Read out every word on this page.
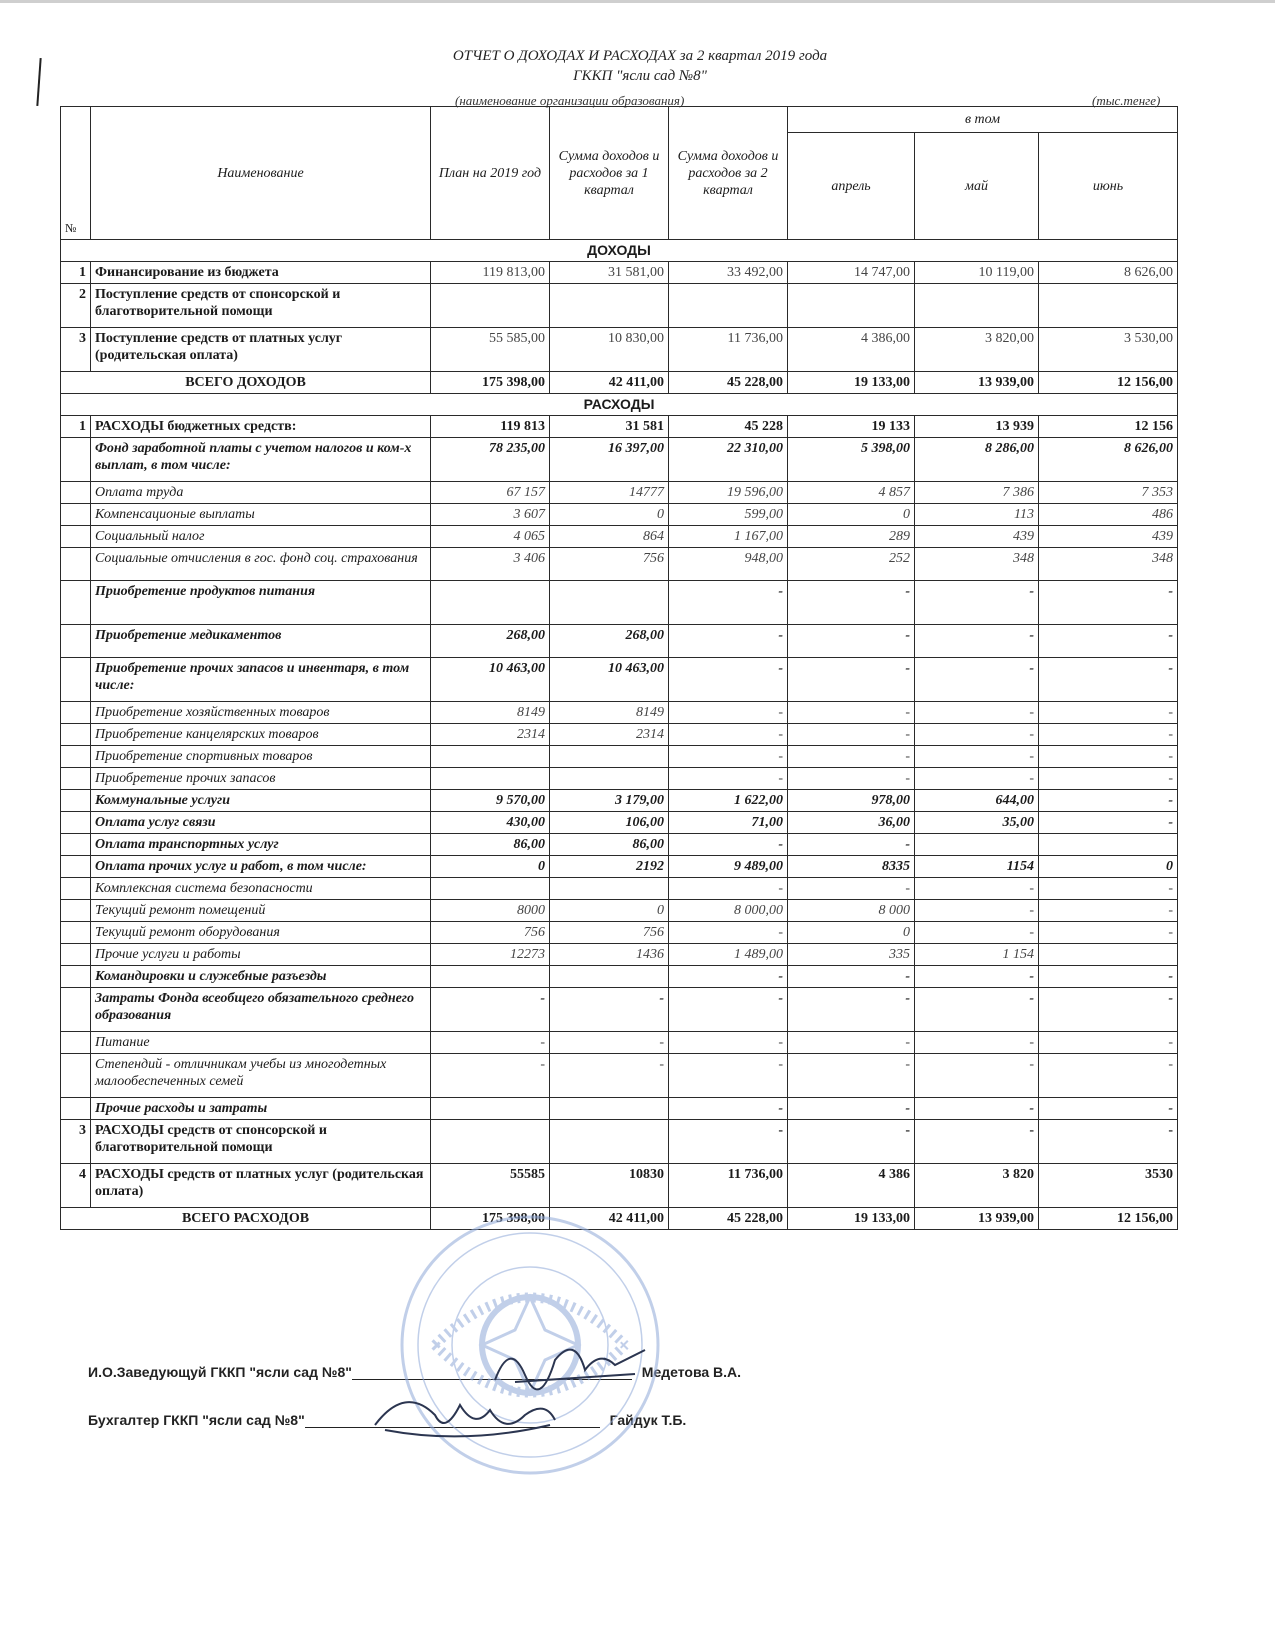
ОТЧЕТ О ДОХОДАХ И РАСХОДАХ за 2 квартал 2019 года
ГККП "ясли сад №8"
(наименование организации образования)	(тыс.тенге)
№	Наименование	План на 2019 год	Сумма доходов и расходов за 1 квартал	Сумма доходов и расходов за 2 квартал	в том		
					апрель	май	июнь
ДОХОДЫ							
1	Финансирование из бюджета	119 813,00	31 581,00	33 492,00	14 747,00	10 119,00	8 626,00
2	Поступление средств от спонсорской и благотворительной помощи						
3	Поступление средств от платных услуг (родительская оплата)	55 585,00	10 830,00	11 736,00	4 386,00	3 820,00	3 530,00
ВСЕГО ДОХОДОВ		175 398,00	42 411,00	45 228,00	19 133,00	13 939,00	12 156,00
РАСХОДЫ							
1	РАСХОДЫ бюджетных средств:	119 813	31 581	45 228	19 133	13 939	12 156
	Фонд заработной платы с учетом налогов и ком-х выплат, в том числе:	78 235,00	16 397,00	22 310,00	5 398,00	8 286,00	8 626,00
	Оплата труда	67 157	14777	19 596,00	4 857	7 386	7 353
	Компенсационые выплаты	3 607	0	599,00	0	113	486
	Социальный налог	4 065	864	1 167,00	289	439	439
	Социальные отчисления в гос. фонд соц. страхования	3 406	756	948,00	252	348	348
	Приобретение продуктов питания			-	-	-	-
	Приобретение медикаментов	268,00	268,00	-	-	-	-
	Приобретение прочих запасов и инвентаря, в том числе:	10 463,00	10 463,00	-	-	-	-
	Приобретение хозяйственных товаров	8149	8149	-	-	-	-
	Приобретение канцелярских товаров	2314	2314	-	-	-	-
	Приобретение спортивных товаров			-	-	-	-
	Приобретение прочих запасов			-	-	-	-
	Коммунальные услуги	9 570,00	3 179,00	1 622,00	978,00	644,00	-
	Оплата услуг связи	430,00	106,00	71,00	36,00	35,00	-
	Оплата транспортных услуг	86,00	86,00	-	-		
	Оплата прочих услуг и работ, в том числе:	0	2192	9 489,00	8335	1154	0
	Комплексная система безопасности			-	-	-	-
	Текущий ремонт помещений	8000	0	8 000,00	8 000	-	-
	Текущий ремонт оборудования	756	756	-	0	-	-
	Прочие услуги и работы	12273	1436	1 489,00	335	1 154	
	Командировки и служебные разъезды			-	-	-	-
	Затраты Фонда всеобщего обязательного среднего образования	-	-	-	-	-	-
	Питание	-	-	-	-	-	-
	Степендий - отличникам учебы из многодетных малообеспеченных семей	-	-	-	-	-	-
	Прочие расходы и затраты			-	-	-	-
3	РАСХОДЫ средств от спонсорской и благотворительной помощи			-	-	-	-
4	РАСХОДЫ средств от платных услуг (родительская оплата)	55585	10830	11 736,00	4 386	3 820	3530
ВСЕГО РАСХОДОВ		175 398,00	42 411,00	45 228,00	19 133,00	13 939,00	12 156,00
И.О.Заведующуй ГККП "ясли сад №8"	Медетова В.А.
Бухгалтер ГККП "ясли сад №8"	Гайдук Т.Б.
